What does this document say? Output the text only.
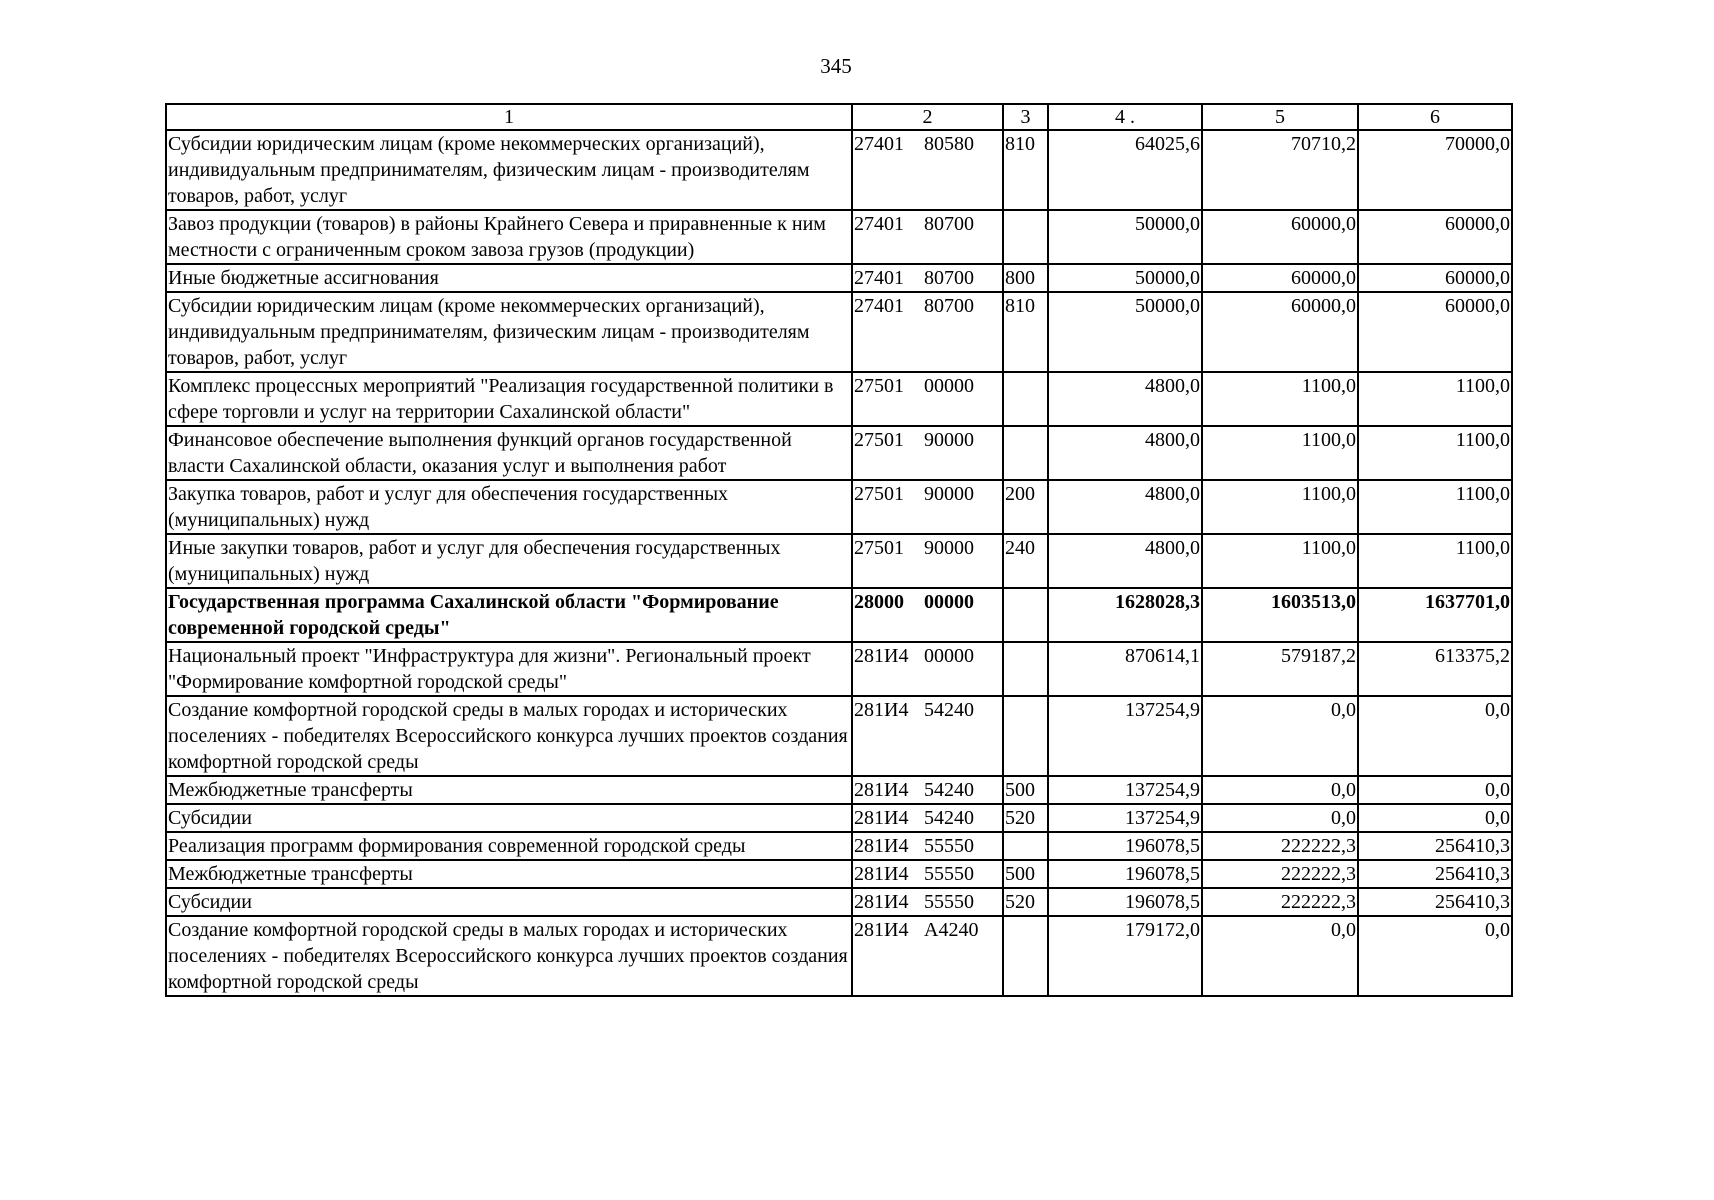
345
1	2	3	4 .	5	6
Субсидии юридическим лицам (кроме некоммерческих организаций), индивидуальным предпринимателям, физическим лицам - производителям товаров, работ, услуг	27401 80580	810	64025,6	70710,2	70000,0
Завоз продукции (товаров) в районы Крайнего Севера и приравненные к ним местности с ограниченным сроком завоза грузов (продукции)	27401 80700		50000,0	60000,0	60000,0
Иные бюджетные ассигнования	27401 80700	800	50000,0	60000,0	60000,0
Субсидии юридическим лицам (кроме некоммерческих организаций), индивидуальным предпринимателям, физическим лицам - производителям товаров, работ, услуг	27401 80700	810	50000,0	60000,0	60000,0
Комплекс процессных мероприятий "Реализация государственной политики в сфере торговли и услуг на территории Сахалинской области"	27501 00000		4800,0	1100,0	1100,0
Финансовое обеспечение выполнения функций органов государственной власти Сахалинской области, оказания услуг и выполнения работ	27501 90000		4800,0	1100,0	1100,0
Закупка товаров, работ и услуг для обеспечения государственных (муниципальных) нужд	27501 90000	200	4800,0	1100,0	1100,0
Иные закупки товаров, работ и услуг для обеспечения государственных (муниципальных) нужд	27501 90000	240	4800,0	1100,0	1100,0
Государственная программа Сахалинской области "Формирование современной городской среды"	28000 00000		1628028,3	1603513,0	1637701,0
Национальный проект "Инфраструктура для жизни". Региональный проект "Формирование комфортной городской среды"	281И4 00000		870614,1	579187,2	613375,2
Создание комфортной городской среды в малых городах и исторических поселениях - победителях Всероссийского конкурса лучших проектов создания комфортной городской среды	281И4 54240		137254,9	0,0	0,0
Межбюджетные трансферты	281И4 54240	500	137254,9	0,0	0,0
Субсидии	281И4 54240	520	137254,9	0,0	0,0
Реализация программ формирования современной городской среды	281И4 55550		196078,5	222222,3	256410,3
Межбюджетные трансферты	281И4 55550	500	196078,5	222222,3	256410,3
Субсидии	281И4 55550	520	196078,5	222222,3	256410,3
Создание комфортной городской среды в малых городах и исторических поселениях - победителях Всероссийского конкурса лучших проектов создания комфортной городской среды	281И4 А4240		179172,0	0,0	0,0
